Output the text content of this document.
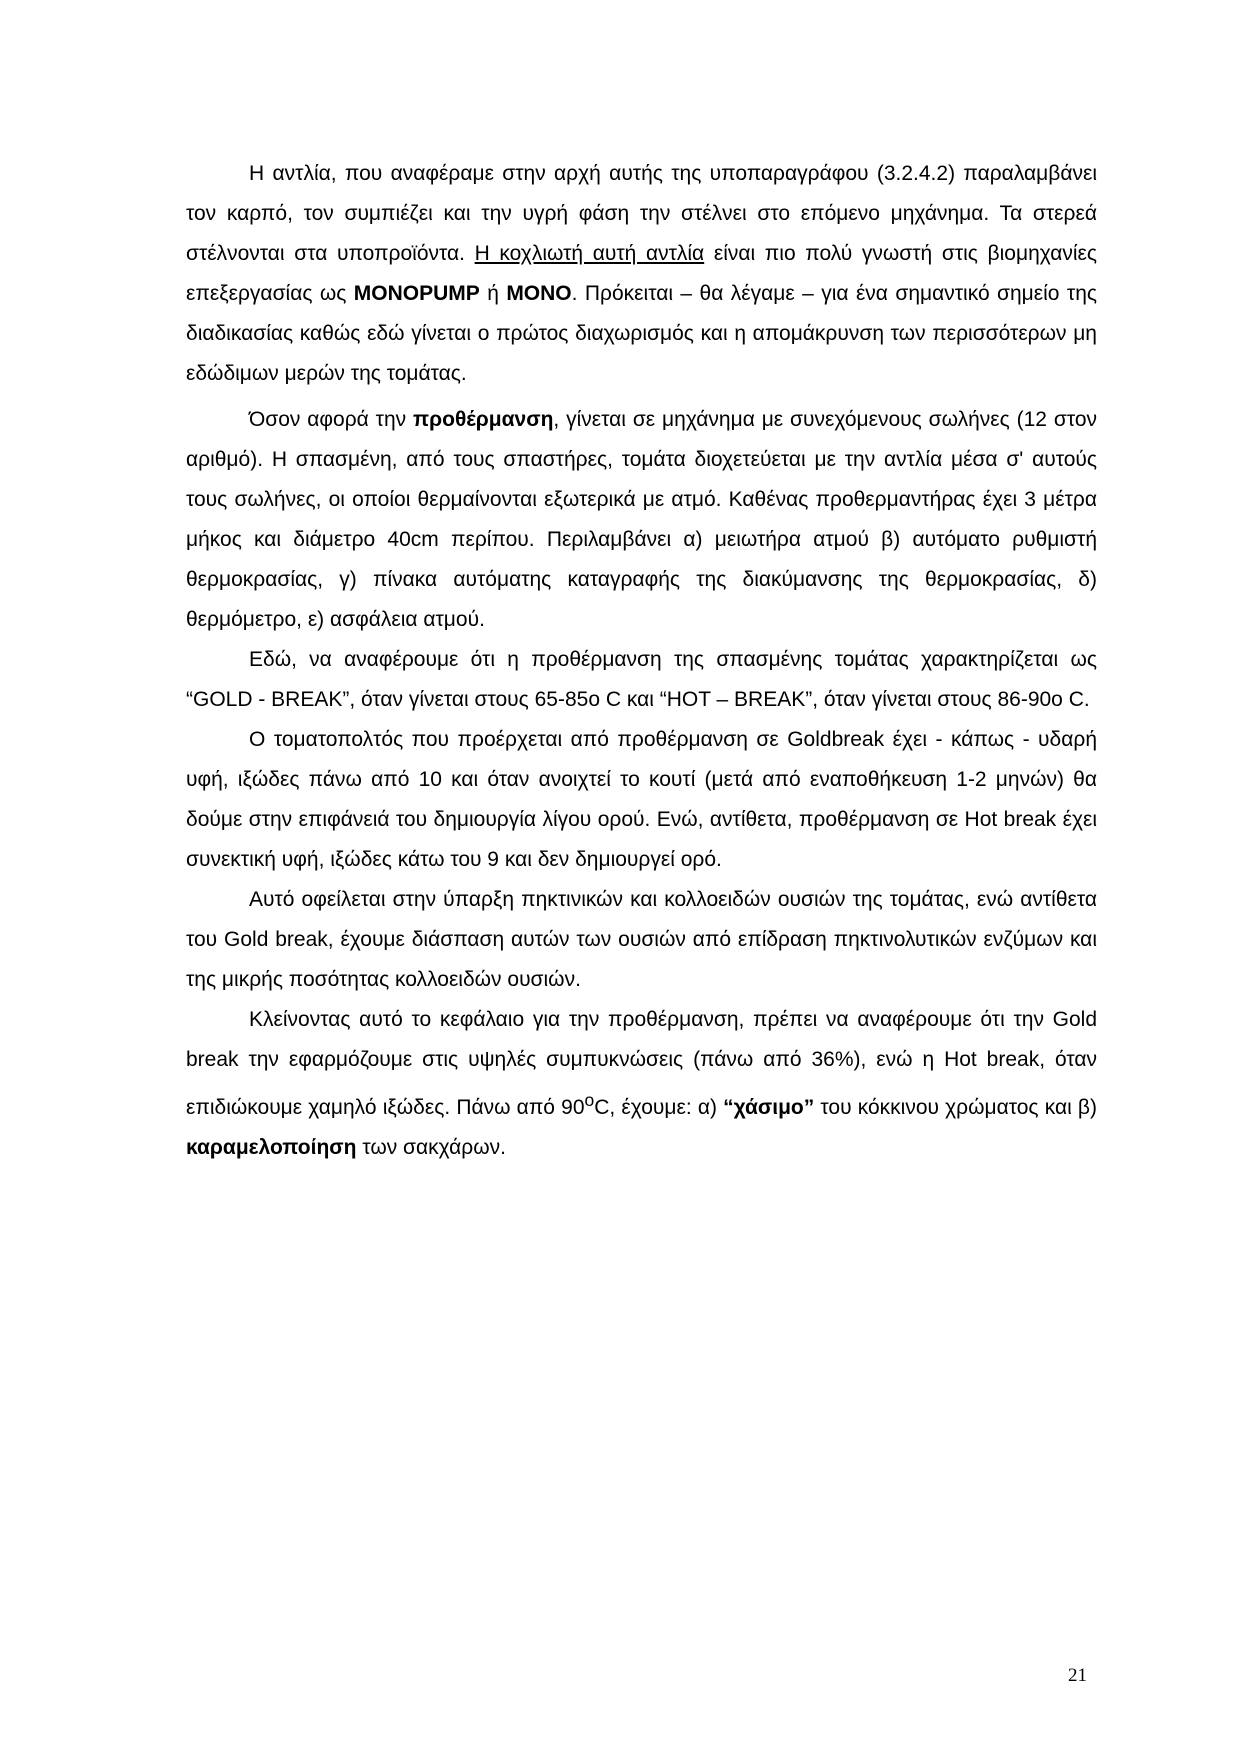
Η αντλία, που αναφέραμε στην αρχή αυτής της υποπαραγράφου (3.2.4.2) παραλαμβάνει τον καρπό, τον συμπιέζει και την υγρή φάση την στέλνει στο επόμενο μηχάνημα. Τα στερεά στέλνονται στα υποπροϊόντα. Η κοχλιωτή αυτή αντλία είναι πιο πολύ γνωστή στις βιομηχανίες επεξεργασίας ως MONOPUMP ή MONO. Πρόκειται – θα λέγαμε – για ένα σημαντικό σημείο της διαδικασίας καθώς εδώ γίνεται ο πρώτος διαχωρισμός και η απομάκρυνση των περισσότερων μη εδώδιμων μερών της τομάτας.

Όσον αφορά την προθέρμανση, γίνεται σε μηχάνημα με συνεχόμενους σωλήνες (12 στον αριθμό). Η σπασμένη, από τους σπαστήρες, τομάτα διοχετεύεται με την αντλία μέσα σ' αυτούς τους σωλήνες, οι οποίοι θερμαίνονται εξωτερικά με ατμό. Καθένας προθερμαντήρας έχει 3 μέτρα μήκος και διάμετρο 40cm περίπου. Περιλαμβάνει α) μειωτήρα ατμού β) αυτόματο ρυθμιστή θερμοκρασίας, γ) πίνακα αυτόματης καταγραφής της διακύμανσης της θερμοκρασίας, δ) θερμόμετρο, ε) ασφάλεια ατμού.

Εδώ, να αναφέρουμε ότι η προθέρμανση της σπασμένης τομάτας χαρακτηρίζεται ως “GOLD - BREAK”, όταν γίνεται στους 65-85ο C και “HOT – BREAK”, όταν γίνεται στους 86-90ο C.

Ο τοματοπολτός που προέρχεται από προθέρμανση σε Goldbreak έχει - κάπως - υδαρή υφή, ιξώδες πάνω από 10 και όταν ανοιχτεί το κουτί (μετά από εναποθήκευση 1-2 μηνών) θα δούμε στην επιφάνειά του δημιουργία λίγου ορού. Ενώ, αντίθετα, προθέρμανση σε Hot break έχει συνεκτική υφή, ιξώδες κάτω του 9 και δεν δημιουργεί ορό.

Αυτό οφείλεται στην ύπαρξη πηκτινικών και κολλοειδών ουσιών της τομάτας, ενώ αντίθετα του Gold break, έχουμε διάσπαση αυτών των ουσιών από επίδραση πηκτινολυτικών ενζύμων και της μικρής ποσότητας κολλοειδών ουσιών.

Κλείνοντας αυτό το κεφάλαιο για την προθέρμανση, πρέπει να αναφέρουμε ότι την Gold break την εφαρμόζουμε στις υψηλές συμπυκνώσεις (πάνω από 36%), ενώ η Hot break, όταν επιδιώκουμε χαμηλό ιξώδες. Πάνω από 90$^o$C, έχουμε: α) “χάσιμο” του κόκκινου χρώματος και β) καραμελοποίηση των σακχάρων.

21
